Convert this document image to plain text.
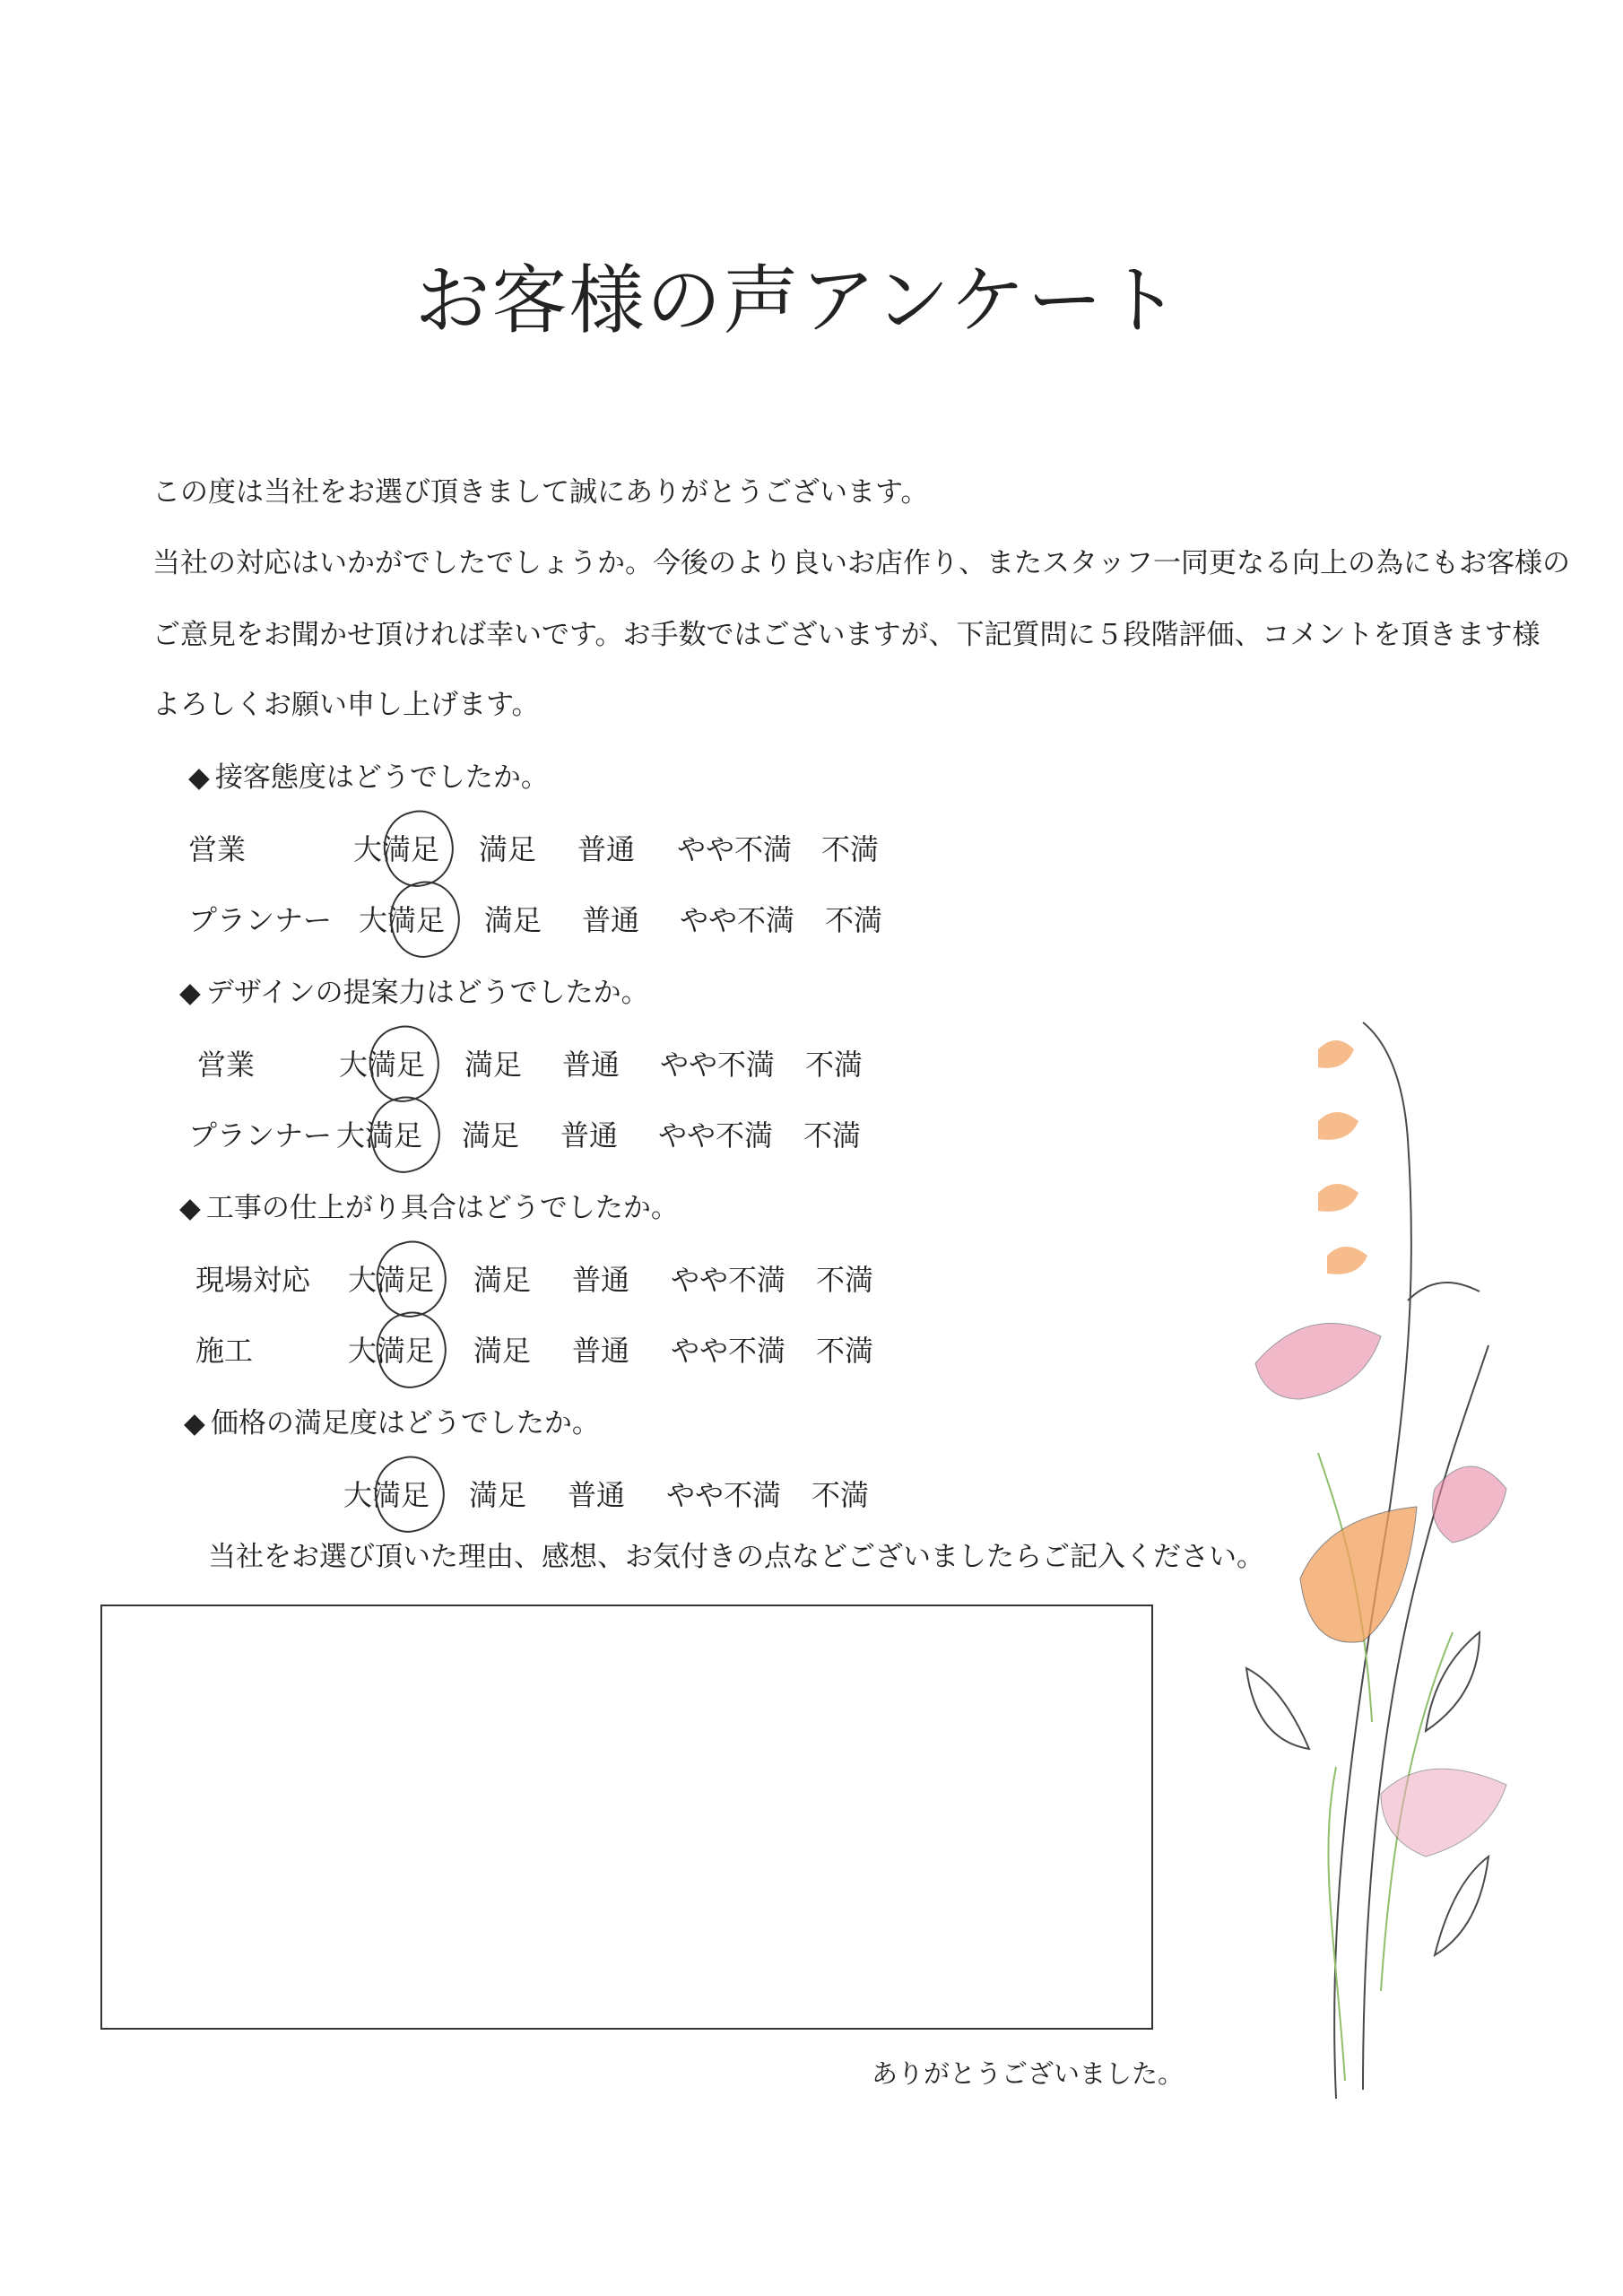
お客様の声アンケート
この度は当社をお選び頂きまして誠にありがとうございます。
当社の対応はいかがでしたでしょうか。今後のより良いお店作り、またスタッフ一同更なる向上の為にもお客様の
ご意見をお聞かせ頂ければ幸いです。お手数ではございますが、下記質問に５段階評価、コメントを頂きます様
よろしくお願い申し上げます。
◆ 接客態度はどうでしたか。
営業	大満足 満足 普通 やや不満 不満
プランナー 大満足 満足 普通 やや不満 不満
◆ デザインの提案力はどうでしたか。
営業	大満足 満足 普通 やや不満 不満
プランナー 大満足 満足 普通 やや不満 不満
◆ 工事の仕上がり具合はどうでしたか。
現場対応 大満足 満足 普通 やや不満 不満
施工	大満足 満足 普通 やや不満 不満
◆ 価格の満足度はどうでしたか。
大満足 満足 普通 やや不満 不満
当社をお選び頂いた理由、感想、お気付きの点などございましたらご記入ください。
ありがとうございました。
